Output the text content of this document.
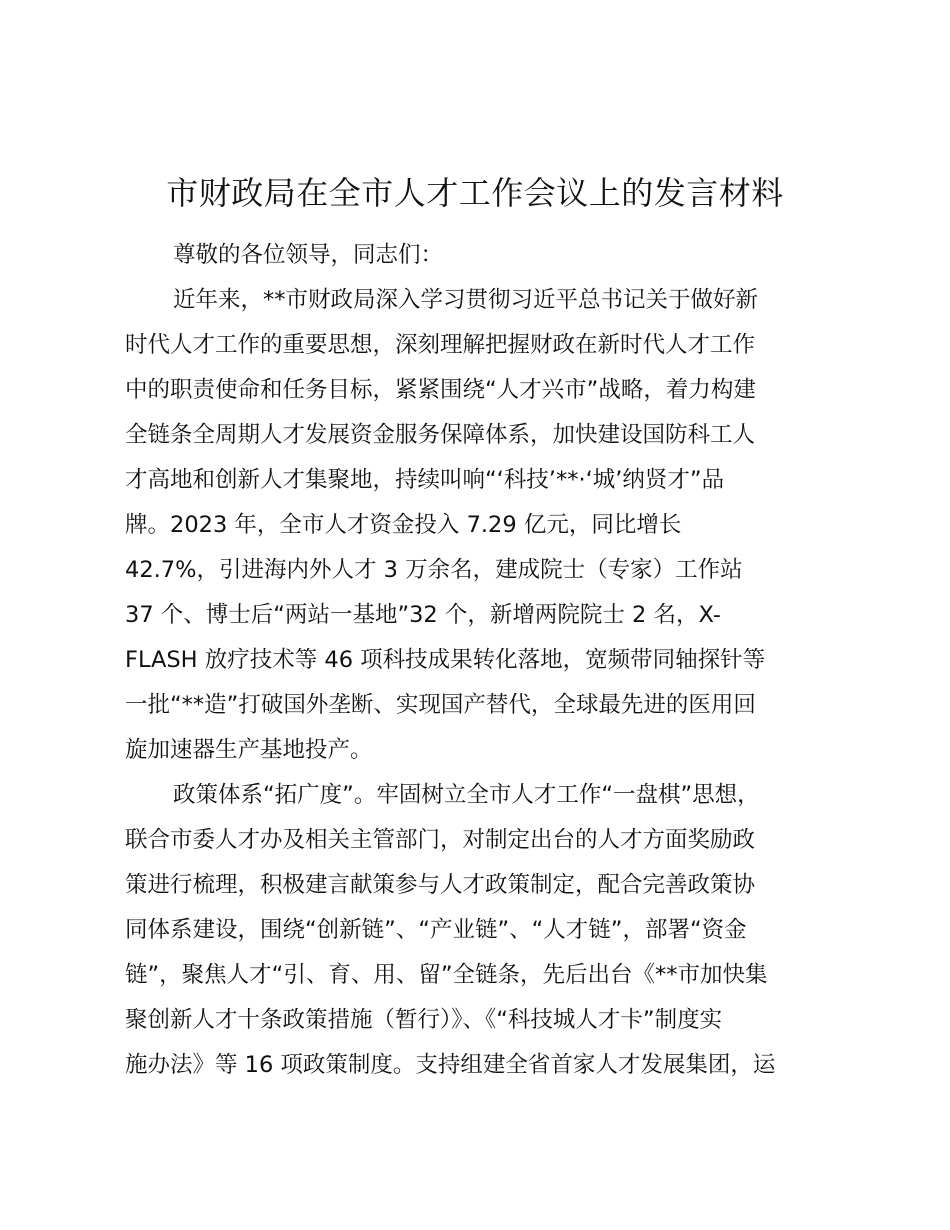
市财政局在全市人才工作会议上的发言材料
尊敬的各位领导，同志们：
近年来，**市财政局深入学习贯彻习近平总书记关于做好新
时代人才工作的重要思想，深刻理解把握财政在新时代人才工作
中的职责使命和任务目标，紧紧围绕“人才兴市”战略，着力构建
全链条全周期人才发展资金服务保障体系，加快建设国防科工人
才高地和创新人才集聚地，持续叫响“‘科技’**·‘城’纳贤才”品
牌。2023 年，全市人才资金投入 7.29 亿元，同比增长
42.7%，引进海内外人才 3 万余名，建成院士（专家）工作站
37 个、博士后“两站一基地”32 个，新增两院院士 2 名，X-
FLASH 放疗技术等 46 项科技成果转化落地，宽频带同轴探针等
一批“**造”打破国外垄断、实现国产替代，全球最先进的医用回
旋加速器生产基地投产。
政策体系“拓广度”。牢固树立全市人才工作“一盘棋”思想，
联合市委人才办及相关主管部门，对制定出台的人才方面奖励政
策进行梳理，积极建言献策参与人才政策制定，配合完善政策协
同体系建设，围绕“创新链”、“产业链”、“人才链”，部署“资金
链”，聚焦人才“引、育、用、留”全链条，先后出台《**市加快集
聚创新人才十条政策措施（暂行）》、《“科技城人才卡”制度实
施办法》等 16 项政策制度。支持组建全省首家人才发展集团，运
